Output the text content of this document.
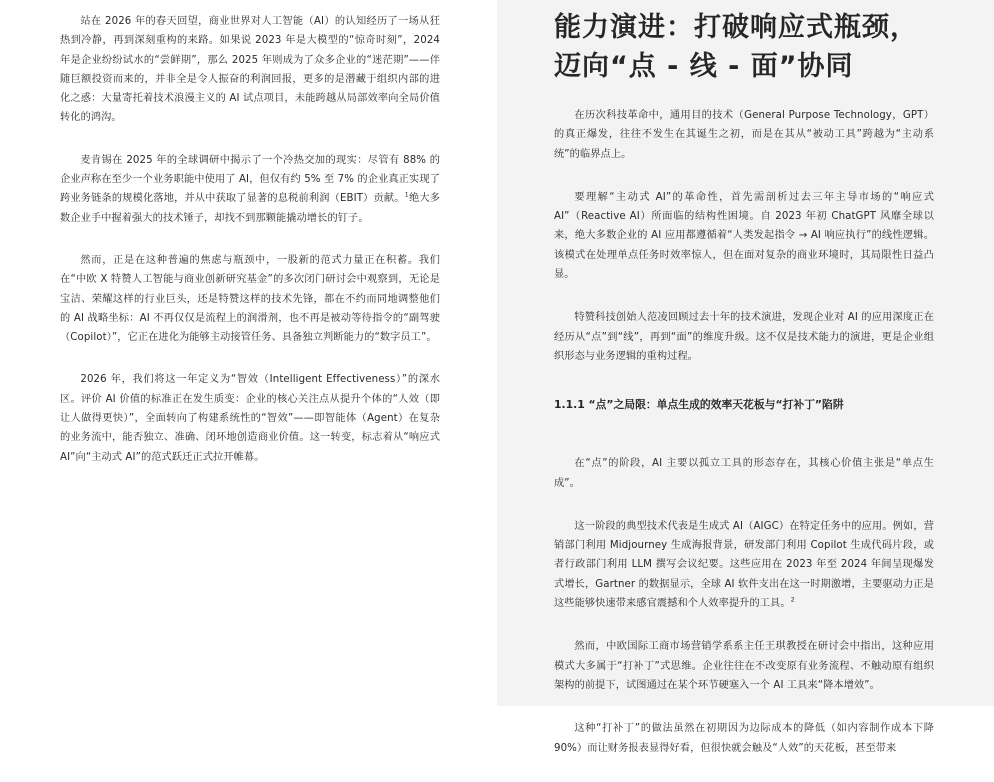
站在 2026 年的春天回望，商业世界对人工智能（AI）的认知经历了一场从狂热到冷静，再到深刻重构的来路。如果说 2023 年是大模型的“惊奇时刻”，2024 年是企业纷纷试水的“尝鲜期”，那么 2025 年则成为了众多企业的“迷茫期”——伴随巨额投资而来的，并非全是令人振奋的利润回报，更多的是潜藏于组织内部的进化之惑：大量寄托着技术浪漫主义的 AI 试点项目，未能跨越从局部效率向全局价值转化的鸿沟。

麦肯锡在 2025 年的全球调研中揭示了一个冷热交加的现实：尽管有 88% 的企业声称在至少一个业务职能中使用了 AI，但仅有约 5% 至 7% 的企业真正实现了跨业务链条的规模化落地，并从中获取了显著的息税前利润（EBIT）贡献。$^1$绝大多数企业手中握着强大的技术锤子，却找不到那颗能撬动增长的钉子。

然而，正是在这种普遍的焦虑与瓶颈中，一股新的范式力量正在积蓄。我们在“中欧 X 特赞人工智能与商业创新研究基金”的多次闭门研讨会中观察到，无论是宝洁、荣耀这样的行业巨头，还是特赞这样的技术先锋，都在不约而同地调整他们的 AI 战略坐标：AI 不再仅仅是流程上的润滑剂，也不再是被动等待指令的“副驾驶（Copilot）”，它正在进化为能够主动接管任务、具备独立判断能力的“数字员工”。

2026 年，我们将这一年定义为“智效（Intelligent Effectiveness）”的深水区。评价 AI 价值的标准正在发生质变：企业的核心关注点从提升个体的“人效（即让人做得更快）”，全面转向了构建系统性的“智效”——即智能体（Agent）在复杂的业务流中，能否独立、准确、闭环地创造商业价值。这一转变，标志着从“响应式 AI”向“主动式 AI”的范式跃迁正式拉开帷幕。

能力演进：打破响应式瓶颈，
迈向“点 - 线 - 面”协同

在历次科技革命中，通用目的技术（General Purpose Technology，GPT）的真正爆发，往往不发生在其诞生之初，而是在其从“被动工具”跨越为“主动系统”的临界点上。

要理解“主动式 AI”的革命性，首先需剖析过去三年主导市场的“响应式 AI”（Reactive AI）所面临的结构性困境。自 2023 年初 ChatGPT 风靡全球以来，绝大多数企业的 AI 应用都遵循着“人类发起指令 → AI 响应执行”的线性逻辑。该模式在处理单点任务时效率惊人，但在面对复杂的商业环境时，其局限性日益凸显。

特赞科技创始人范凌回顾过去十年的技术演进，发现企业对 AI 的应用深度正在经历从“点”到“线”，再到“面”的维度升级。这不仅是技术能力的演进，更是企业组织形态与业务逻辑的重构过程。

1.1.1 “点”之局限：单点生成的效率天花板与“打补丁”陷阱

在“点”的阶段，AI 主要以孤立工具的形态存在，其核心价值主张是“单点生成”。

这一阶段的典型技术代表是生成式 AI（AIGC）在特定任务中的应用。例如，营销部门利用 Midjourney 生成海报背景，研发部门利用 Copilot 生成代码片段，或者行政部门利用 LLM 撰写会议纪要。这些应用在 2023 年至 2024 年间呈现爆发式增长，Gartner 的数据显示，全球 AI 软件支出在这一时期激增，主要驱动力正是这些能够快速带来感官震撼和个人效率提升的工具。$^2$

然而，中欧国际工商市场营销学系系主任王琪教授在研讨会中指出，这种应用模式大多属于“打补丁”式思维。企业往往在不改变原有业务流程、不触动原有组织架构的前提下，试图通过在某个环节硬塞入一个 AI 工具来“降本增效”。

这种“打补丁”的做法虽然在初期因为边际成本的降低（如内容制作成本下降 90%）而让财务报表显得好看，但很快就会触及“人效”的天花板，甚至带来
